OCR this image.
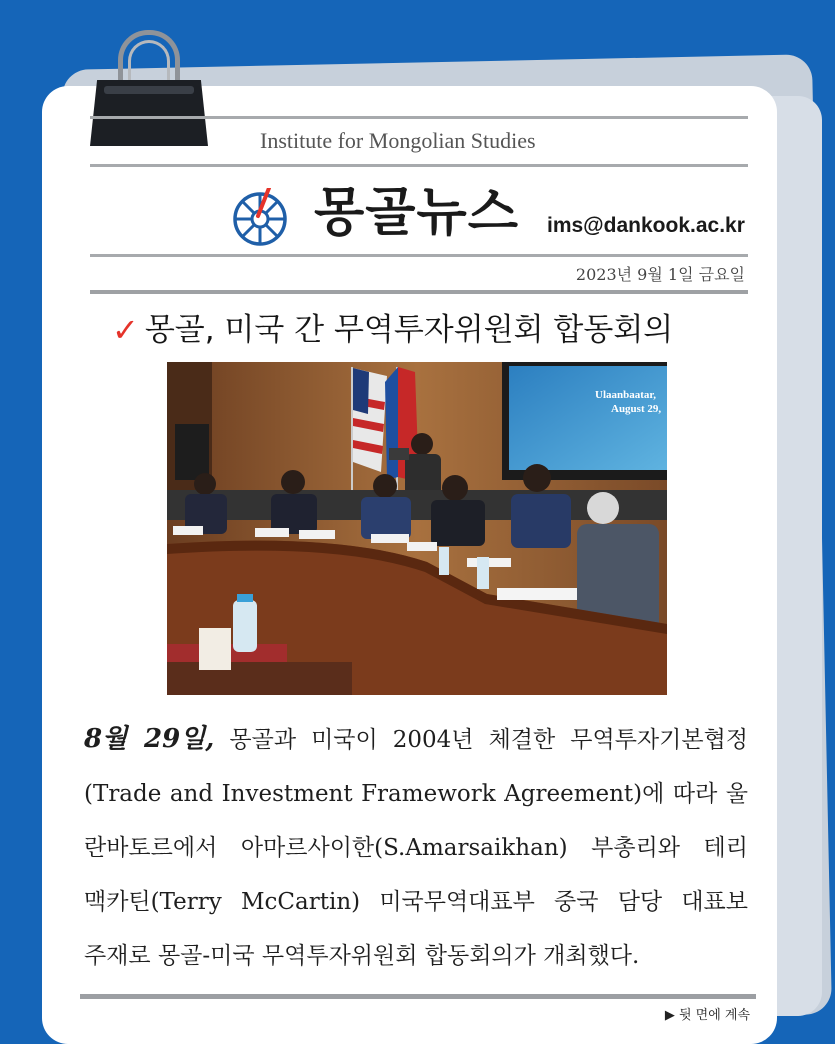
Institute for Mongolian Studies
몽골뉴스 ims@dankook.ac.kr
2023년 9월 1일 금요일
✓ 몽골, 미국 간 무역투자위원회 합동회의
Ulaanbaatar,
August 29,
8월 29일, 몽골과 미국이 2004년 체결한 무역투자기본협정
(Trade and Investment Framework Agreement)에 따라 울
란바토르에서 아마르사이한(S.Amarsaikhan) 부총리와 테리
맥카틴(Terry McCartin) 미국무역대표부 중국 담당 대표보
주재로 몽골-미국 무역투자위원회 합동회의가 개최했다.
▶ 뒷 면에 계속
